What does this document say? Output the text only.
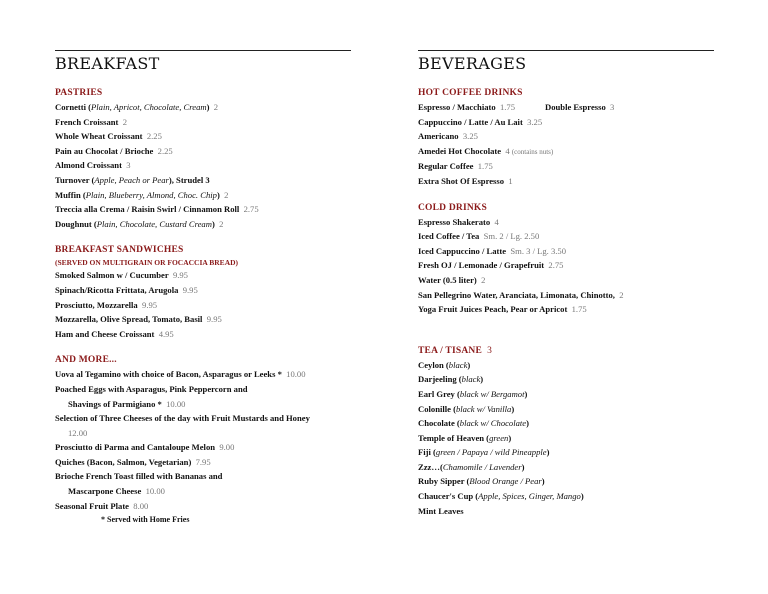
BREAKFAST
PASTRIES
Cornetti (Plain, Apricot, Chocolate, Cream) 2
French Croissant 2
Whole Wheat Croissant 2.25
Pain au Chocolat / Brioche 2.25
Almond Croissant 3
Turnover (Apple, Peach or Pear), Strudel 3
Muffin (Plain, Blueberry, Almond, Choc. Chip) 2
Treccia alla Crema / Raisin Swirl / Cinnamon Roll 2.75
Doughnut (Plain, Chocolate, Custard Cream) 2
BREAKFAST SANDWICHES
(SERVED ON MULTIGRAIN OR FOCACCIA BREAD)
Smoked Salmon w / Cucumber 9.95
Spinach/Ricotta Frittata, Arugola 9.95
Prosciutto, Mozzarella 9.95
Mozzarella, Olive Spread, Tomato, Basil 9.95
Ham and Cheese Croissant 4.95
AND MORE...
Uova al Tegamino with choice of Bacon, Asparagus or Leeks * 10.00
Poached Eggs with Asparagus, Pink Peppercorn and
Shavings of Parmigiano * 10.00
Selection of Three Cheeses of the day with Fruit Mustards and Honey
12.00
Prosciutto di Parma and Cantaloupe Melon 9.00
Quiches (Bacon, Salmon, Vegetarian) 7.95
Brioche French Toast filled with Bananas and
Mascarpone Cheese 10.00
Seasonal Fruit Plate 8.00
* Served with Home Fries
BEVERAGES
HOT COFFEE DRINKS
Espresso / Macchiato 1.75	Double Espresso 3
Cappuccino / Latte / Au Lait 3.25
Americano 3.25
Amedei Hot Chocolate 4 (contains nuts)
Regular Coffee 1.75
Extra Shot Of Espresso 1
COLD DRINKS
Espresso Shakerato 4
Iced Coffee / Tea Sm. 2 / Lg. 2.50
Iced Cappuccino / Latte Sm. 3 / Lg. 3.50
Fresh OJ / Lemonade / Grapefruit 2.75
Water (0.5 liter) 2
San Pellegrino Water, Aranciata, Limonata, Chinotto, 2
Yoga Fruit Juices Peach, Pear or Apricot 1.75
TEA / TISANE 3
Ceylon (black)
Darjeeling (black)
Earl Grey (black w/ Bergamot)
Colonille (black w/ Vanilla)
Chocolate (black w/ Chocolate)
Temple of Heaven (green)
Fiji (green / Papaya / wild Pineapple)
Zzz…(Chamomile / Lavender)
Ruby Sipper (Blood Orange / Pear)
Chaucer's Cup (Apple, Spices, Ginger, Mango)
Mint Leaves
